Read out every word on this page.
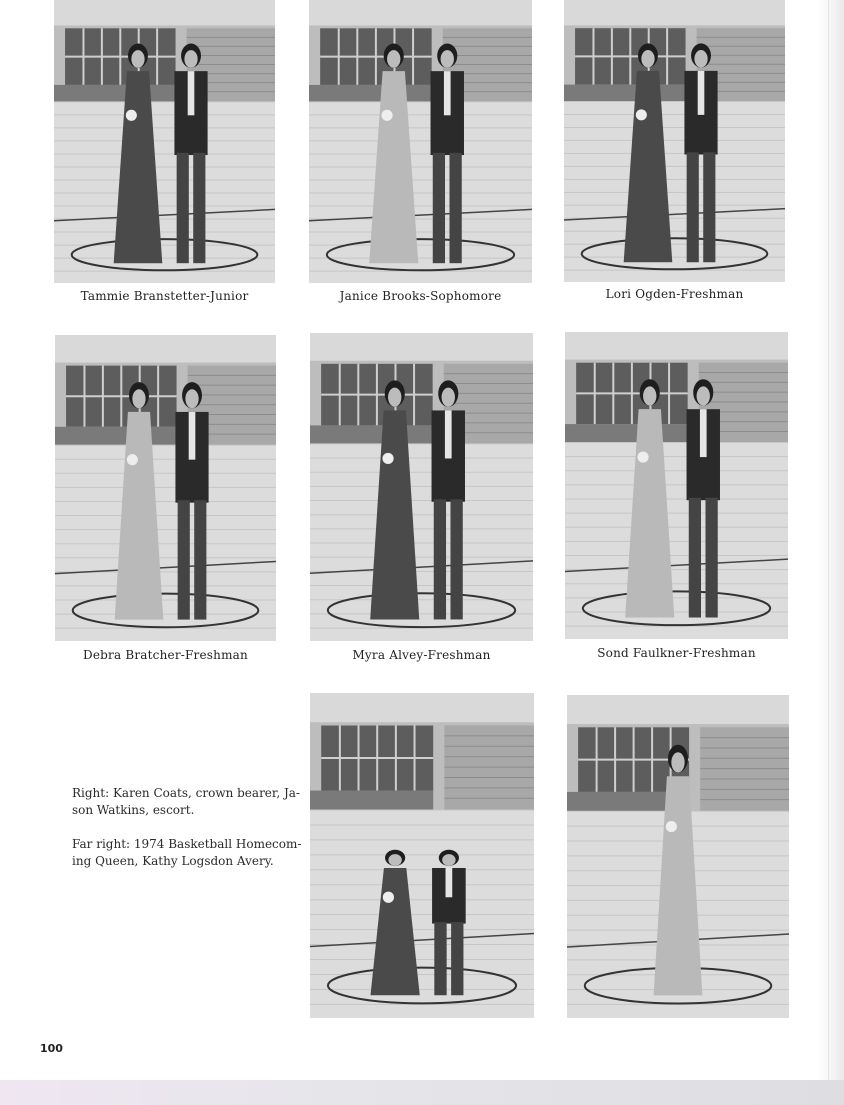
Tammie Branstetter-Junior	Janice Brooks-Sophomore	Lori Ogden-Freshman
Debra Bratcher-Freshman	Myra Alvey-Freshman	Sond Faulkner-Freshman
Right: Karen Coats, crown bearer, Ja-son Watkins, escort.
Far right: 1974 Basketball Homecom-ing Queen, Kathy Logsdon Avery.
100
